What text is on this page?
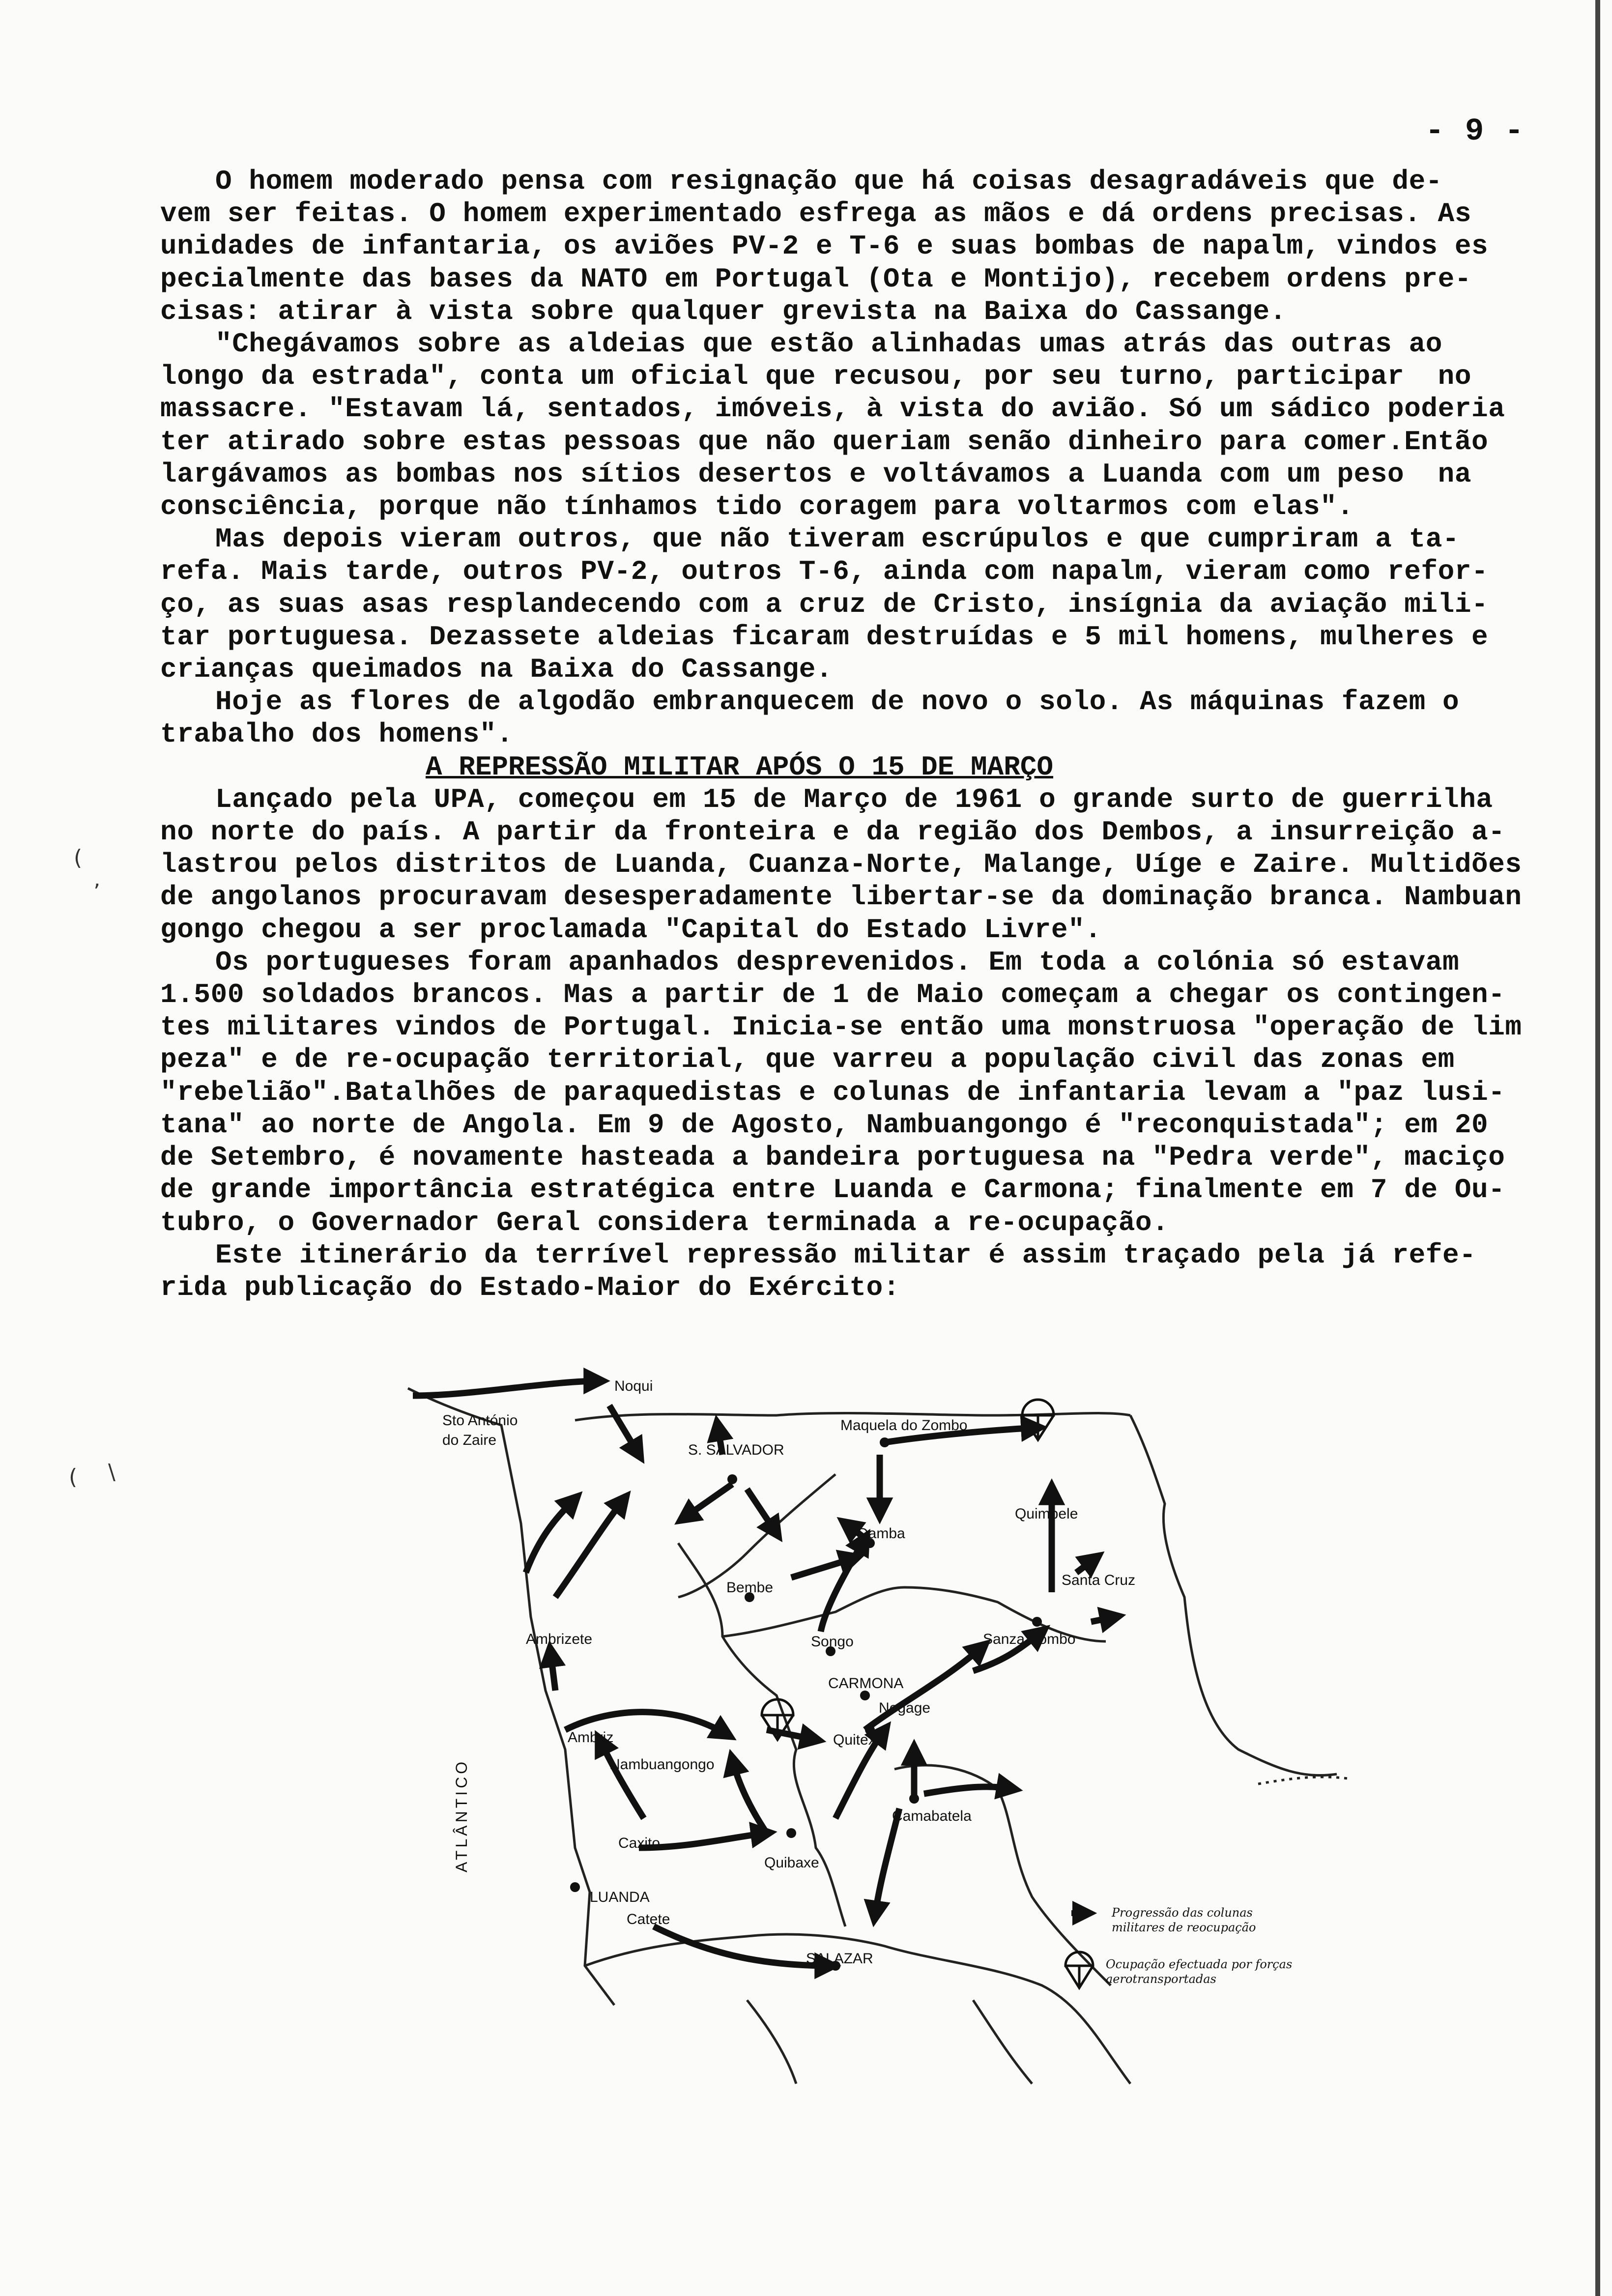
- 9 -
O homem moderado pensa com resignação que há coisas desagradáveis que de-
vem ser feitas. O homem experimentado esfrega as mãos e dá ordens precisas. As
unidades de infantaria, os aviões PV-2 e T-6 e suas bombas de napalm, vindos es
pecialmente das bases da NATO em Portugal (Ota e Montijo), recebem ordens pre-
cisas: atirar à vista sobre qualquer grevista na Baixa do Cassange.
"Chegávamos sobre as aldeias que estão alinhadas umas atrás das outras ao
longo da estrada", conta um oficial que recusou, por seu turno, participar  no
massacre. "Estavam lá, sentados, imóveis, à vista do avião. Só um sádico poderia
ter atirado sobre estas pessoas que não queriam senão dinheiro para comer.Então
largávamos as bombas nos sítios desertos e voltávamos a Luanda com um peso  na
consciência, porque não tínhamos tido coragem para voltarmos com elas".
Mas depois vieram outros, que não tiveram escrúpulos e que cumpriram a ta-
refa. Mais tarde, outros PV-2, outros T-6, ainda com napalm, vieram como refor-
ço, as suas asas resplandecendo com a cruz de Cristo, insígnia da aviação mili-
tar portuguesa. Dezassete aldeias ficaram destruídas e 5 mil homens, mulheres e
crianças queimados na Baixa do Cassange.
Hoje as flores de algodão embranquecem de novo o solo. As máquinas fazem o
trabalho dos homens".
A REPRESSÃO MILITAR APÓS O 15 DE MARÇO
Lançado pela UPA, começou em 15 de Março de 1961 o grande surto de guerrilha
no norte do país. A partir da fronteira e da região dos Dembos, a insurreição a-
lastrou pelos distritos de Luanda, Cuanza-Norte, Malange, Uíge e Zaire. Multidões
de angolanos procuravam desesperadamente libertar-se da dominação branca. Nambuan
gongo chegou a ser proclamada "Capital do Estado Livre".
Os portugueses foram apanhados desprevenidos. Em toda a colónia só estavam
1.500 soldados brancos. Mas a partir de 1 de Maio começam a chegar os contingen-
tes militares vindos de Portugal. Inicia-se então uma monstruosa "operação de lim
peza" e de re-ocupação territorial, que varreu a população civil das zonas em
"rebelião".Batalhões de paraquedistas e colunas de infantaria levam a "paz lusi-
tana" ao norte de Angola. Em 9 de Agosto, Nambuangongo é "reconquistada"; em 20
de Setembro, é novamente hasteada a bandeira portuguesa na "Pedra verde", maciço
de grande importância estratégica entre Luanda e Carmona; finalmente em 7 de Ou-
tubro, o Governador Geral considera terminada a re-ocupação.
Este itinerário da terrível repressão militar é assim traçado pela já refe-
rida publicação do Estado-Maior do Exército:
(
’
( \
Noqui
Sto António
do Zaire
S. SALVADOR
Maquela do Zombo
Damba
Quimbele
Bembe	Santa Cruz
Ambrizete	Songo	Sanza Pombo
CARMONA
Negage
Ambriz	Quitexe
Nambuangongo
Camabatela
Caxito
Quibaxe
LUANDA
Catete
SALAZAR
ATLÂNTICO
Progressão das colunas
militares de reocupação
Ocupação efectuada por forças
aerotransportadas
